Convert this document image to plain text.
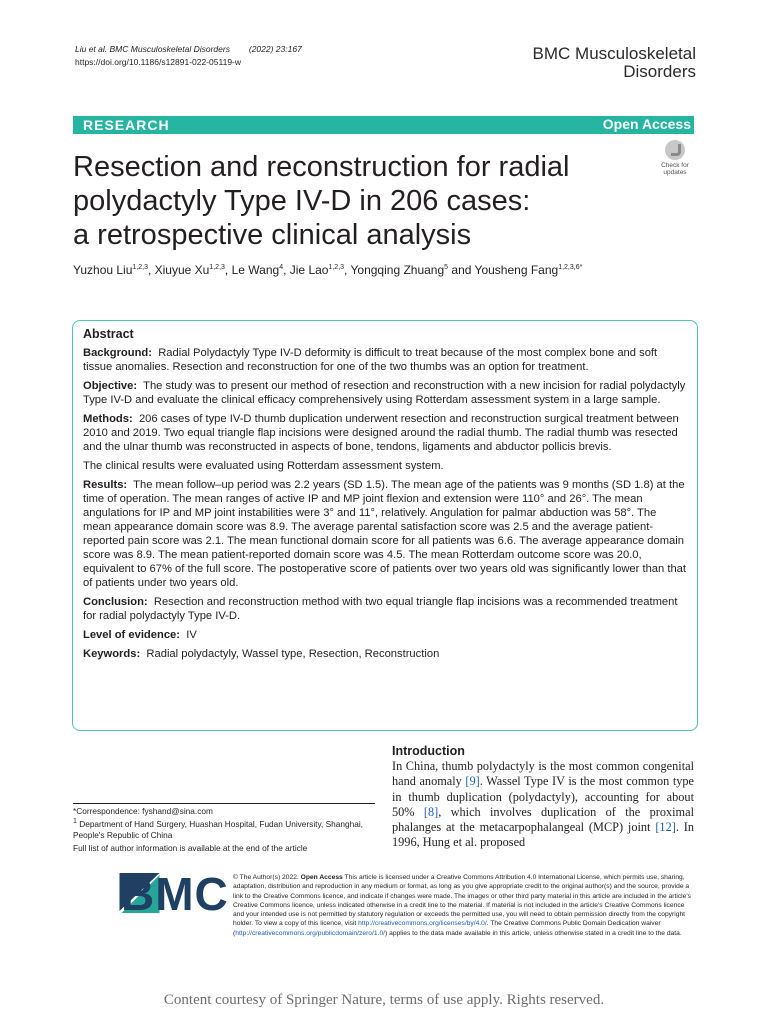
Liu et al. BMC Musculoskeletal Disorders (2022) 23:167
https://doi.org/10.1186/s12891-022-05119-w	BMC Musculoskeletal
Disorders
RESEARCH	Open Access
Resection and reconstruction for radial
polydactyly Type IV-D in 206 cases:
a retrospective clinical analysis
Check for
updates
Yuzhou Liu$^{1,2,3}$, Xiuyue Xu$^{1,2,3}$, Le Wang$^4$, Jie Lao$^{1,2,3}$, Yongqing Zhuang$^5$ and Yousheng Fang$^{1,2,3,6*}$
Abstract

Background: Radial Polydactyly Type IV-D deformity is difficult to treat because of the most complex bone and soft tissue anomalies. Resection and reconstruction for one of the two thumbs was an option for treatment.

Objective: The study was to present our method of resection and reconstruction with a new incision for radial polydactyly Type IV-D and evaluate the clinical efficacy comprehensively using Rotterdam assessment system in a large sample.

Methods: 206 cases of type IV-D thumb duplication underwent resection and reconstruction surgical treatment between 2010 and 2019. Two equal triangle flap incisions were designed around the radial thumb. The radial thumb was resected and the ulnar thumb was reconstructed in aspects of bone, tendons, ligaments and abductor pollicis brevis.

The clinical results were evaluated using Rotterdam assessment system.

Results: The mean follow–up period was 2.2 years (SD 1.5). The mean age of the patients was 9 months (SD 1.8) at the time of operation. The mean ranges of active IP and MP joint flexion and extension were 110° and 26°. The mean angulations for IP and MP joint instabilities were 3° and 11°, relatively. Angulation for palmar abduction was 58°. The mean appearance domain score was 8.9. The average parental satisfaction score was 2.5 and the average patient-reported pain score was 2.1. The mean functional domain score for all patients was 6.6. The average appearance domain score was 8.9. The mean patient-reported domain score was 4.5. The mean Rotterdam outcome score was 20.0, equivalent to 67% of the full score. The postoperative score of patients over two years old was significantly lower than that of patients under two years old.

Conclusion: Resection and reconstruction method with two equal triangle flap incisions was a recommended treatment for radial polydactyly Type IV-D.

Level of evidence: IV

Keywords: Radial polydactyly, Wassel type, Resection, Reconstruction

Introduction
In China, thumb polydactyly is the most common congenital hand anomaly [9]. Wassel Type IV is the most common type in thumb duplication (polydactyly), accounting for about 50% [8], which involves duplication of the proximal phalanges at the metacarpophalangeal (MCP) joint [12]. In 1996, Hung et al. proposed
*Correspondence: fyshand@sina.com
$^1$ Department of Hand Surgery, Huashan Hospital, Fudan University, Shanghai, People's Republic of China
Full list of author information is available at the end of the article
BMC © The Author(s) 2022. Open Access This article is licensed under a Creative Commons Attribution 4.0 International License, which permits use, sharing, adaptation, distribution and reproduction in any medium or format, as long as you give appropriate credit to the original author(s) and the source, provide a link to the Creative Commons licence, and indicate if changes were made. The images or other third party material in this article are included in the article's Creative Commons licence, unless indicated otherwise in a credit line to the material. If material is not included in the article's Creative Commons licence and your intended use is not permitted by statutory regulation or exceeds the permitted use, you will need to obtain permission directly from the copyright holder. To view a copy of this licence, visit http://creativecommons.org/licenses/by/4.0/. The Creative Commons Public Domain Dedication waiver (http://creativecommons.org/publicdomain/zero/1.0/) applies to the data made available in this article, unless otherwise stated in a credit line to the data.
Content courtesy of Springer Nature, terms of use apply. Rights reserved.
